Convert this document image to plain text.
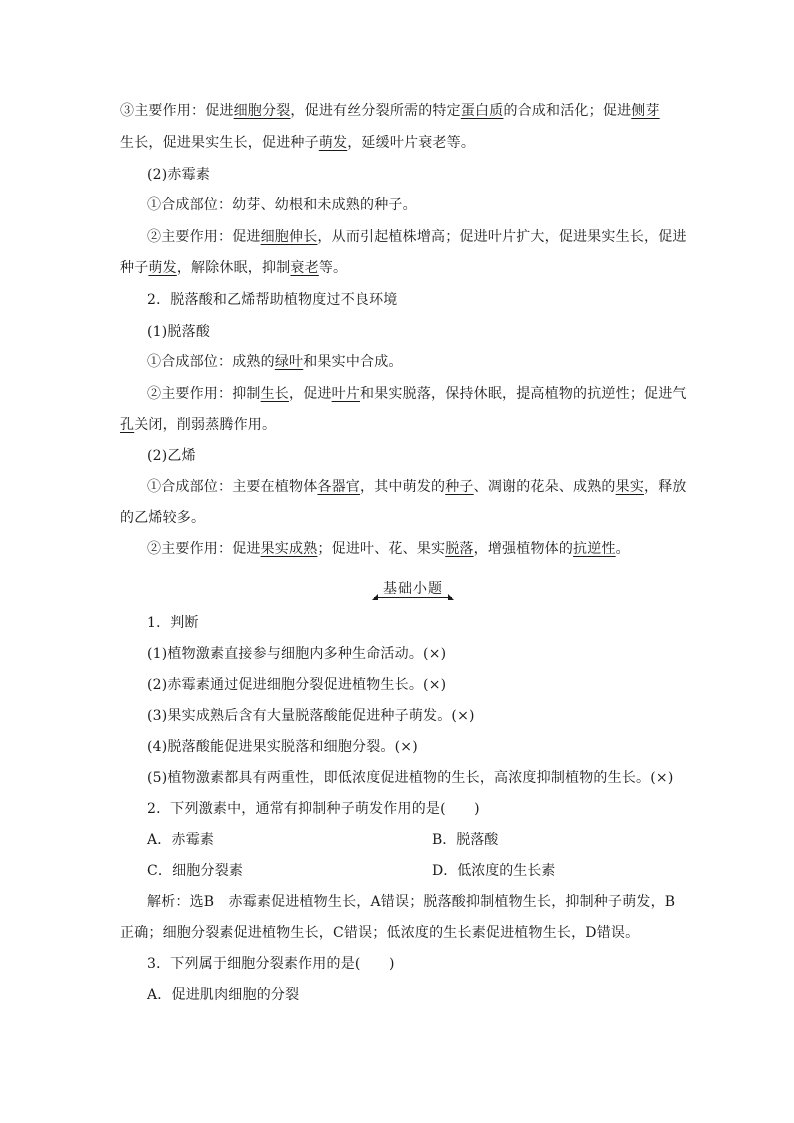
③主要作用：促进细胞分裂，促进有丝分裂所需的特定蛋白质的合成和活化；促进侧芽
生长，促进果实生长，促进种子萌发，延缓叶片衰老等。
(2)赤霉素
①合成部位：幼芽、幼根和未成熟的种子。
②主要作用：促进细胞伸长，从而引起植株增高；促进叶片扩大，促进果实生长，促进
种子萌发，解除休眠，抑制衰老等。
2．脱落酸和乙烯帮助植物度过不良环境
(1)脱落酸
①合成部位：成熟的绿叶和果实中合成。
②主要作用：抑制生长，促进叶片和果实脱落，保持休眠，提高植物的抗逆性；促进气
孔关闭，削弱蒸腾作用。
(2)乙烯
①合成部位：主要在植物体各器官，其中萌发的种子、凋谢的花朵、成熟的果实，释放
的乙烯较多。
②主要作用：促进果实成熟；促进叶、花、果实脱落，增强植物体的抗逆性。
基础小题
1．判断
(1)植物激素直接参与细胞内多种生命活动。(×)
(2)赤霉素通过促进细胞分裂促进植物生长。(×)
(3)果实成熟后含有大量脱落酸能促进种子萌发。(×)
(4)脱落酸能促进果实脱落和细胞分裂。(×)
(5)植物激素都具有两重性，即低浓度促进植物的生长，高浓度抑制植物的生长。(×)
2．下列激素中，通常有抑制种子萌发作用的是(　　)
A．赤霉素	B．脱落酸
C．细胞分裂素	D．低浓度的生长素
解析：选B　赤霉素促进植物生长，A错误；脱落酸抑制植物生长，抑制种子萌发，B
正确；细胞分裂素促进植物生长，C错误；低浓度的生长素促进植物生长，D错误。
3．下列属于细胞分裂素作用的是(　　)
A．促进肌肉细胞的分裂
